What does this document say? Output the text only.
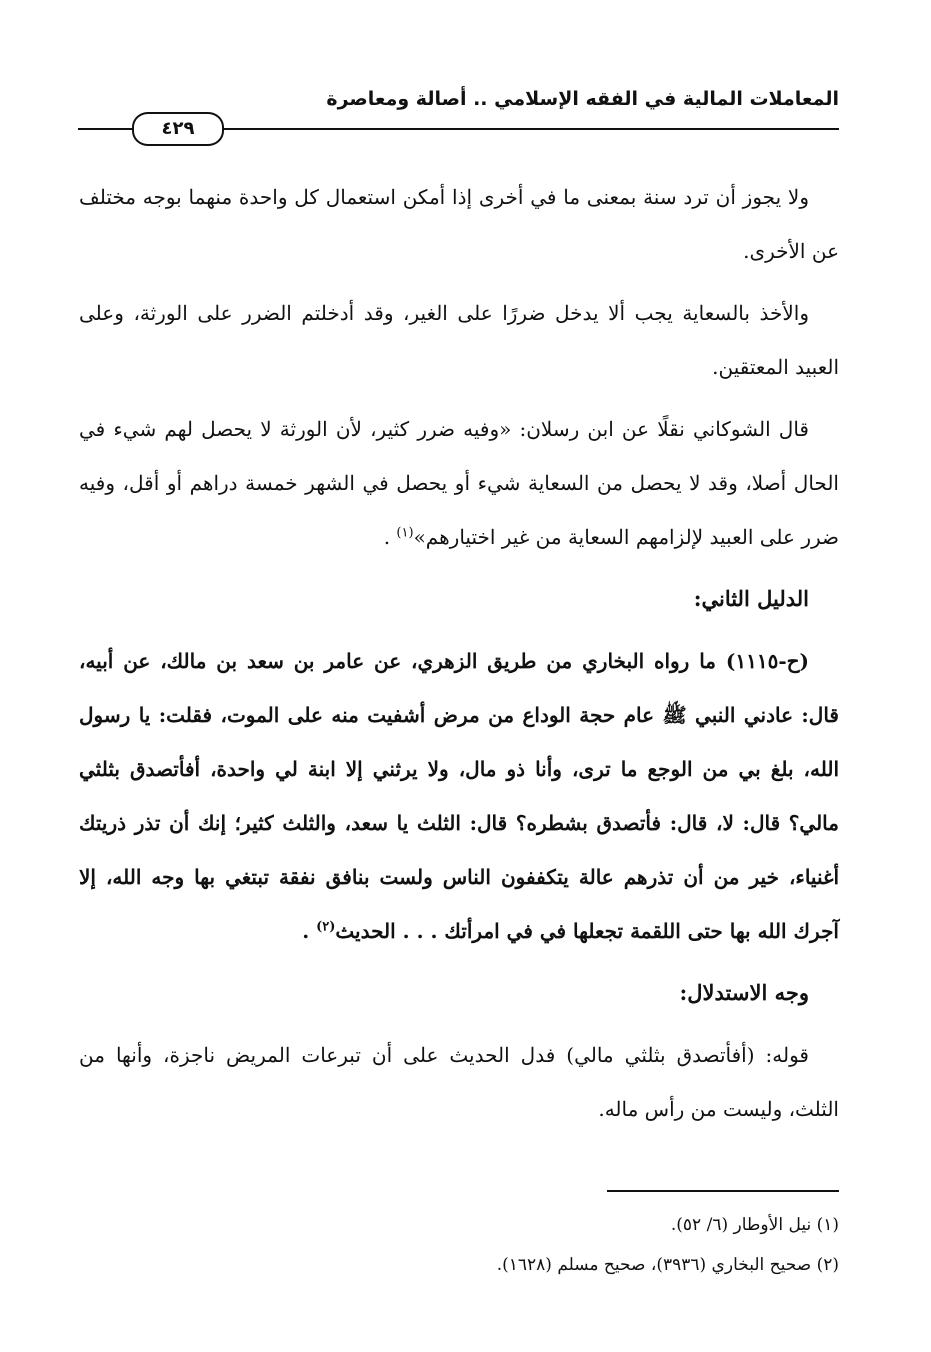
المعاملات المالية في الفقه الإسلامي .. أصالة ومعاصرة
٤٢٩

ولا يجوز أن ترد سنة بمعنى ما في أخرى إذا أمكن استعمال كل واحدة منهما بوجه مختلف عن الأخرى.

والأخذ بالسعاية يجب ألا يدخل ضررًا على الغير، وقد أدخلتم الضرر على الورثة، وعلى العبيد المعتقين.

قال الشوكاني نقلًا عن ابن رسلان: «وفيه ضرر كثير، لأن الورثة لا يحصل لهم شيء في الحال أصلا، وقد لا يحصل من السعاية شيء أو يحصل في الشهر خمسة دراهم أو أقل، وفيه ضرر على العبيد لإلزامهم السعاية من غير اختيارهم»$^{(١)}$ .

الدليل الثاني:

(ح-١١١٥) ما رواه البخاري من طريق الزهري، عن عامر بن سعد بن مالك، عن أبيه، قال: عادني النبي ﷺ عام حجة الوداع من مرض أشفيت منه على الموت، فقلت: يا رسول الله، بلغ بي من الوجع ما ترى، وأنا ذو مال، ولا يرثني إلا ابنة لي واحدة، أفأتصدق بثلثي مالي؟ قال: لا، قال: فأتصدق بشطره؟ قال: الثلث يا سعد، والثلث كثير؛ إنك أن تذر ذريتك أغنياء، خير من أن تذرهم عالة يتكففون الناس ولست بنافق نفقة تبتغي بها وجه الله، إلا آجرك الله بها حتى اللقمة تجعلها في في امرأتك . . . الحديث$^{(٢)}$ .

وجه الاستدلال:

قوله: (أفأتصدق بثلثي مالي) فدل الحديث على أن تبرعات المريض ناجزة، وأنها من الثلث، وليست من رأس ماله.

(١) نيل الأوطار (٦/ ٥٢).
(٢) صحيح البخاري (٣٩٣٦)، صحيح مسلم (١٦٢٨).
